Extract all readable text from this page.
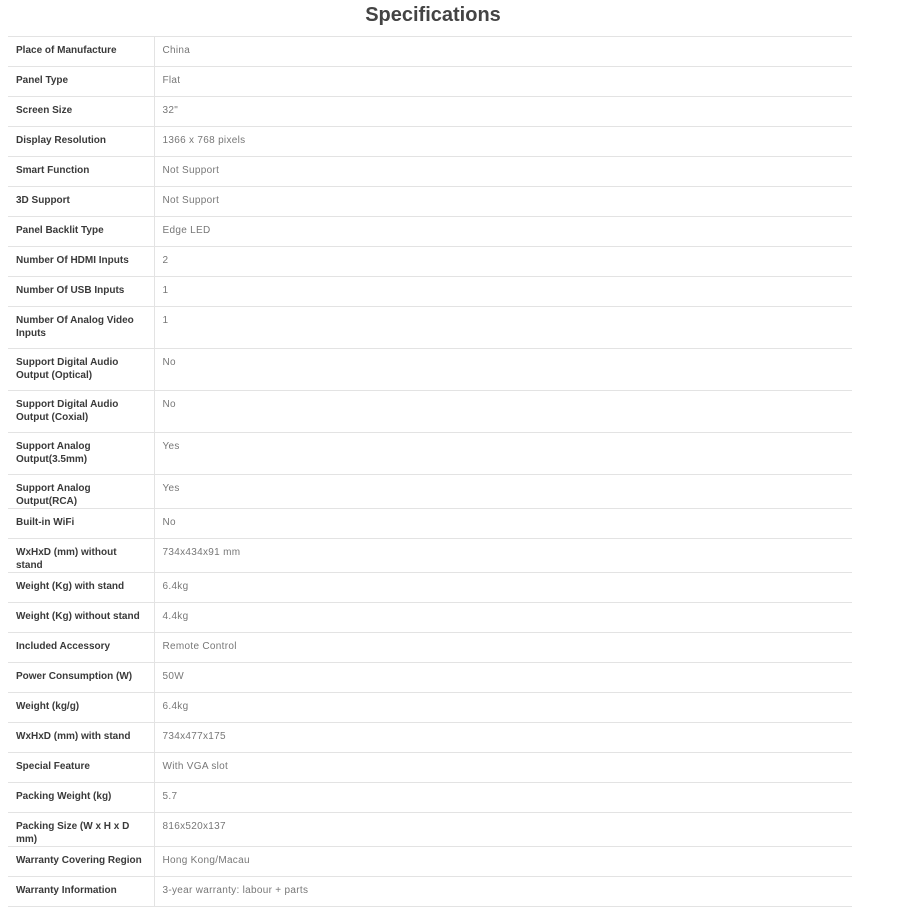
Specifications
Place of Manufacture	China
Panel Type	Flat
Screen Size	32"
Display Resolution	1366 x 768 pixels
Smart Function	Not Support
3D Support	Not Support
Panel Backlit Type	Edge LED
Number Of HDMI Inputs	2
Number Of USB Inputs	1
Number Of Analog Video Inputs	1
Support Digital Audio Output (Optical)	No
Support Digital Audio Output (Coxial)	No
Support Analog Output(3.5mm)	Yes
Support Analog Output(RCA)	Yes
Built-in WiFi	No
WxHxD (mm) without stand	734x434x91 mm
Weight (Kg) with stand	6.4kg
Weight (Kg) without stand	4.4kg
Included Accessory	Remote Control
Power Consumption (W)	50W
Weight (kg/g)	6.4kg
WxHxD (mm) with stand	734x477x175
Special Feature	With VGA slot
Packing Weight (kg)	5.7
Packing Size (W x H x D mm)	816x520x137
Warranty Covering Region	Hong Kong/Macau
Warranty Information	3-year warranty: labour + parts
